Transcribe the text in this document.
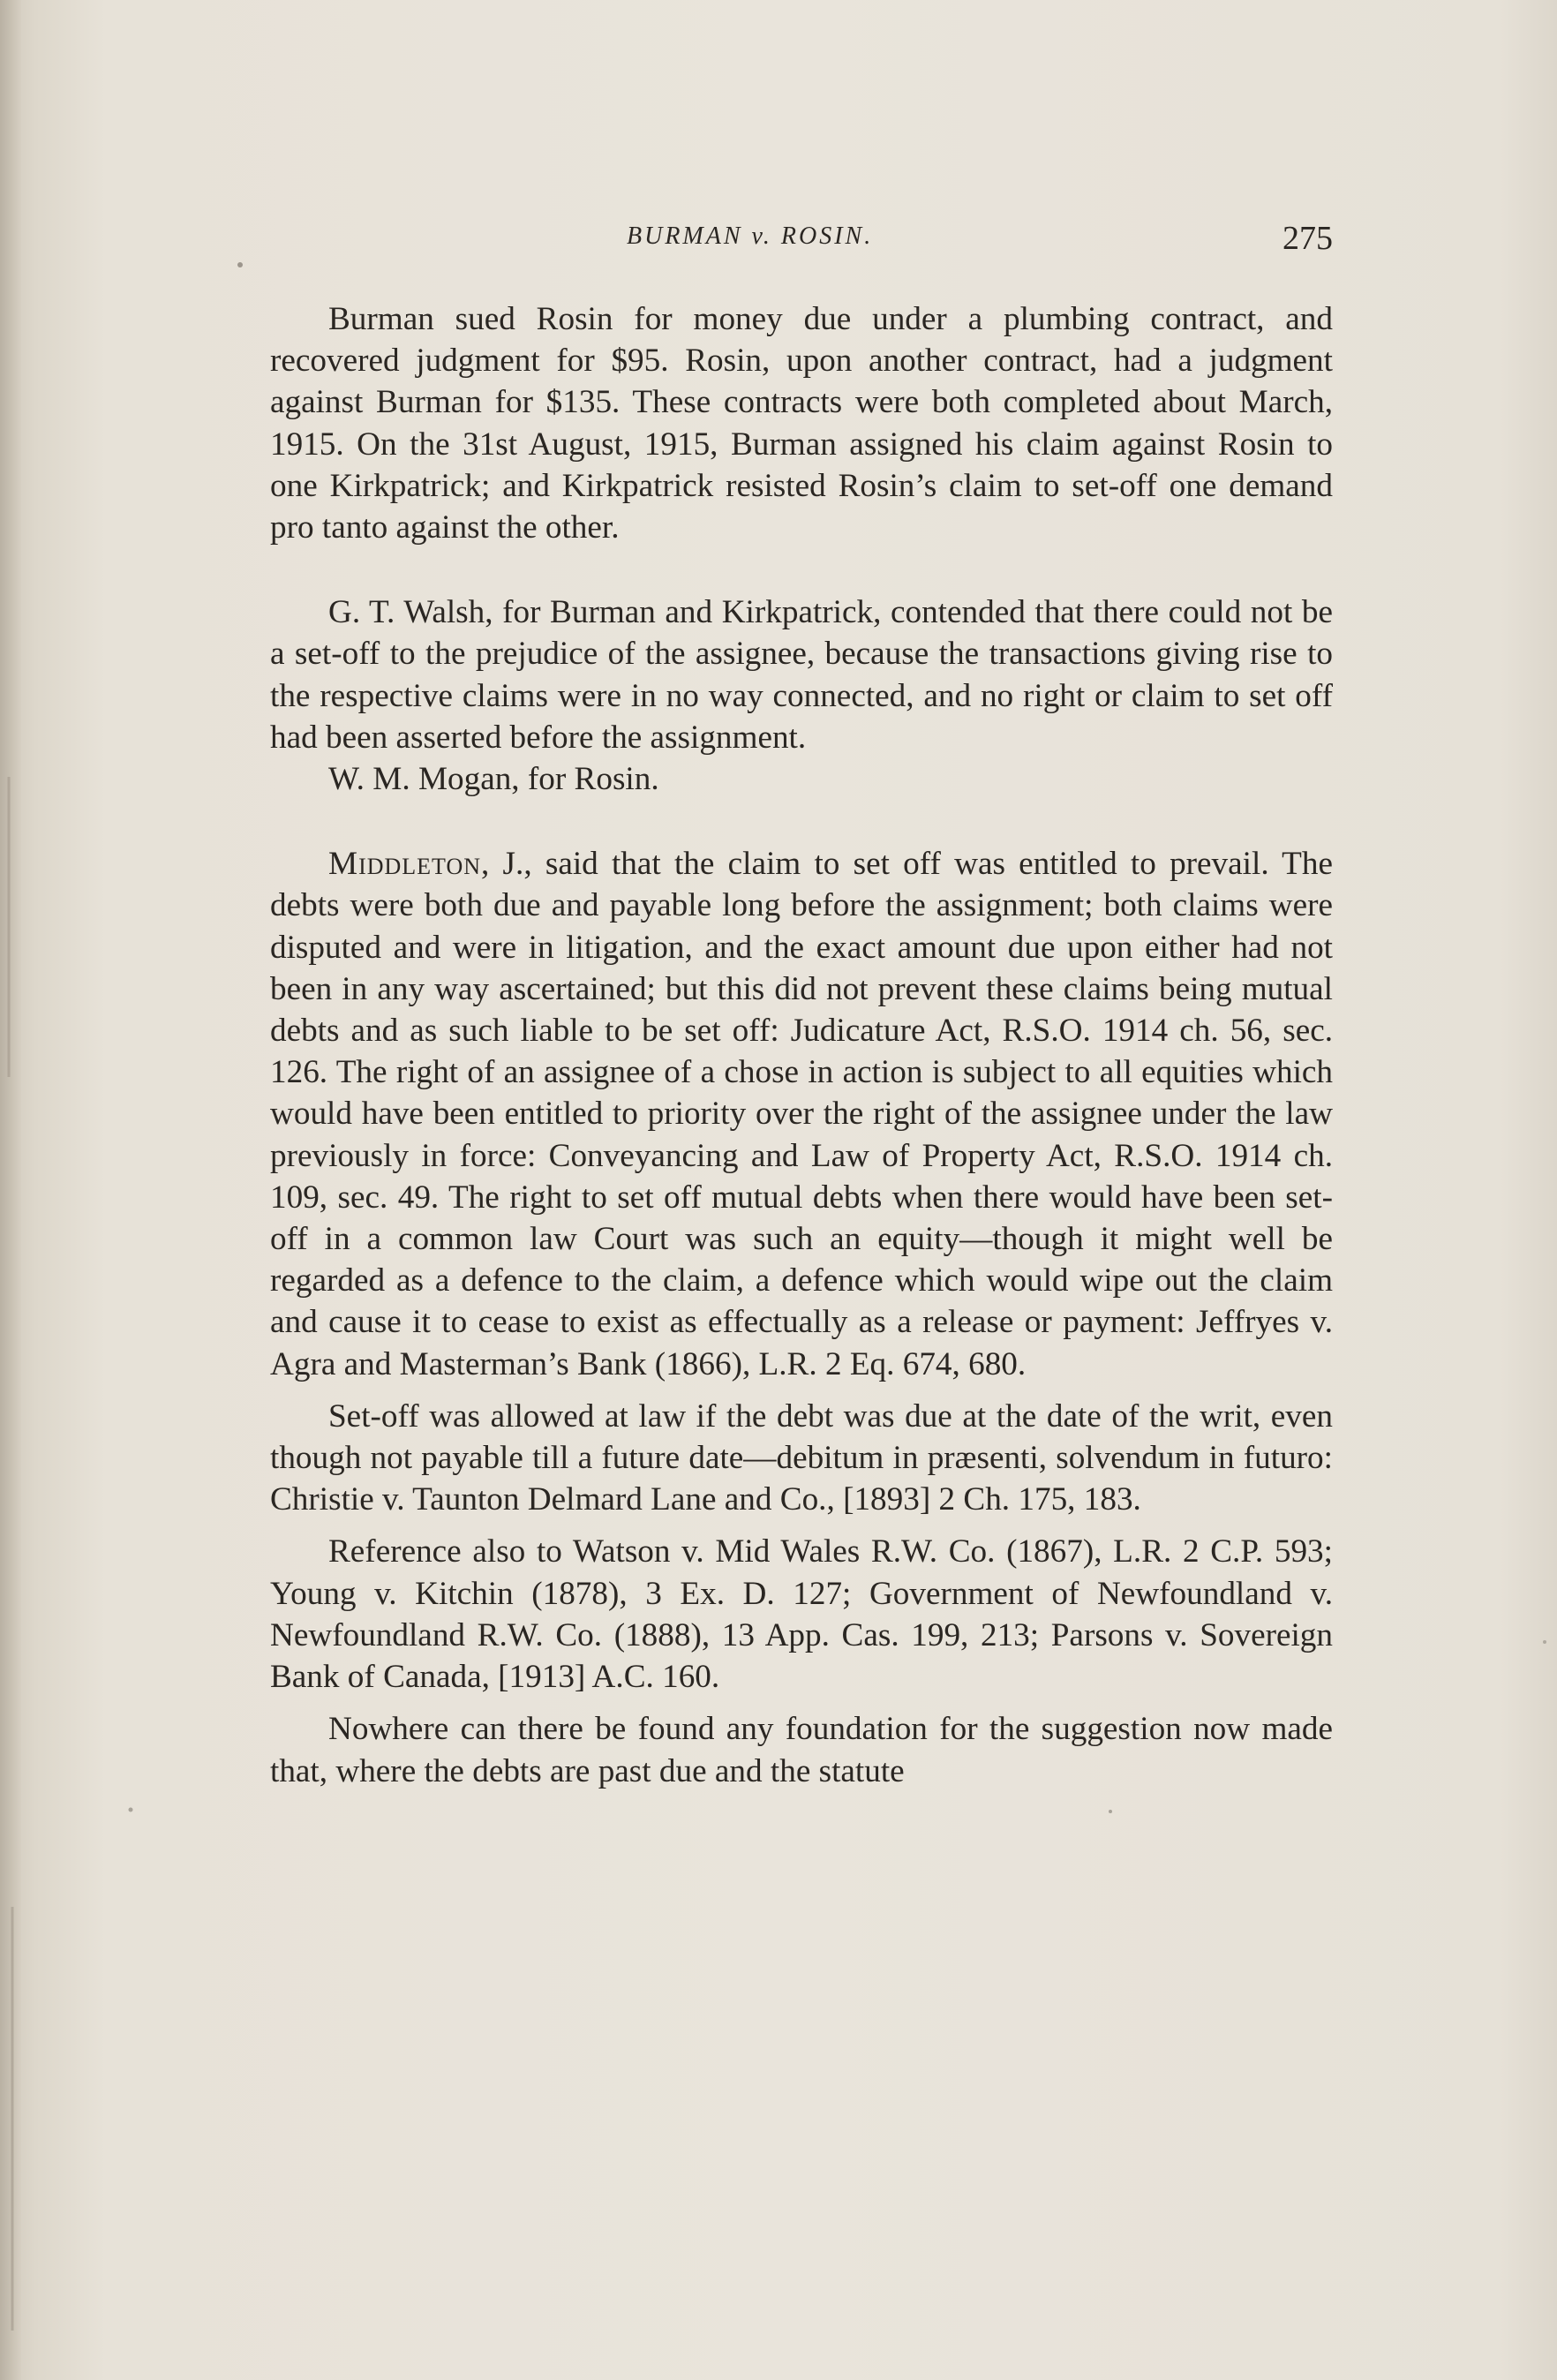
BURMAN v. ROSIN.	275

Burman sued Rosin for money due under a plumbing contract, and recovered judgment for $95. Rosin, upon another contract, had a judgment against Burman for $135. These contracts were both completed about March, 1915. On the 31st August, 1915, Burman assigned his claim against Rosin to one Kirkpatrick; and Kirkpatrick resisted Rosin’s claim to set-off one demand pro tanto against the other.

G. T. Walsh, for Burman and Kirkpatrick, contended that there could not be a set-off to the prejudice of the assignee, because the transactions giving rise to the respective claims were in no way connected, and no right or claim to set off had been asserted before the assignment.

W. M. Mogan, for Rosin.

Middleton, J., said that the claim to set off was entitled to prevail. The debts were both due and payable long before the assignment; both claims were disputed and were in litigation, and the exact amount due upon either had not been in any way ascertained; but this did not prevent these claims being mutual debts and as such liable to be set off: Judicature Act, R.S.O. 1914 ch. 56, sec. 126. The right of an assignee of a chose in action is subject to all equities which would have been entitled to priority over the right of the assignee under the law previously in force: Conveyancing and Law of Property Act, R.S.O. 1914 ch. 109, sec. 49. The right to set off mutual debts when there would have been set-off in a common law Court was such an equity—though it might well be regarded as a defence to the claim, a defence which would wipe out the claim and cause it to cease to exist as effectually as a release or payment: Jeffryes v. Agra and Masterman’s Bank (1866), L.R. 2 Eq. 674, 680.

Set-off was allowed at law if the debt was due at the date of the writ, even though not payable till a future date—debitum in præsenti, solvendum in futuro: Christie v. Taunton Delmard Lane and Co., [1893] 2 Ch. 175, 183.

Reference also to Watson v. Mid Wales R.W. Co. (1867), L.R. 2 C.P. 593; Young v. Kitchin (1878), 3 Ex. D. 127; Government of Newfoundland v. Newfoundland R.W. Co. (1888), 13 App. Cas. 199, 213; Parsons v. Sovereign Bank of Canada, [1913] A.C. 160.

Nowhere can there be found any foundation for the suggestion now made that, where the debts are past due and the statute
